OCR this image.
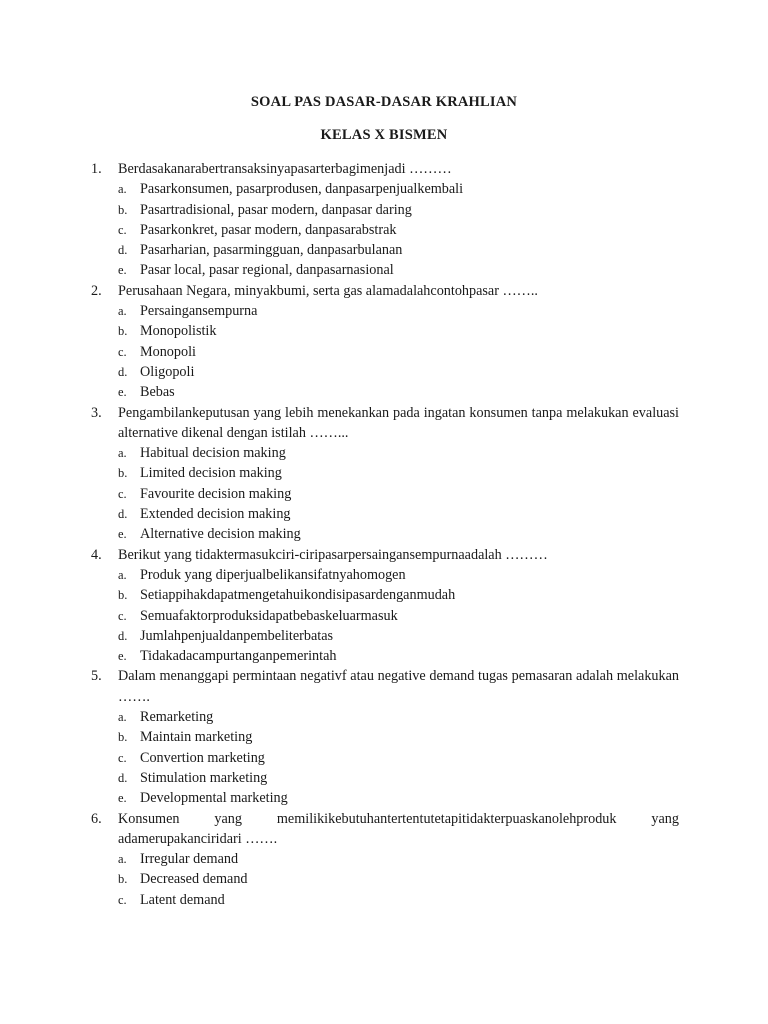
SOAL PAS DASAR-DASAR KRAHLIAN
KELAS X BISMEN
1. Berdasakanarabertransaksinyapasarterbagimenjadi ………
a. Pasarkonsumen, pasarprodusen, danpasarpenjualkembali
b. Pasartradisional, pasar modern, danpasar daring
c. Pasarkonkret, pasar modern, danpasarabstrak
d. Pasarharian, pasarmingguan, danpasarbulanan
e. Pasar local, pasar regional, danpasarnasional
2. Perusahaan Negara, minyakbumi, serta gas alamadalahcontohpasar ……..
a. Persaingansempurna
b. Monopolistik
c. Monopoli
d. Oligopoli
e. Bebas
3. Pengambilankeputusan yang lebih menekankan pada ingatan konsumen tanpa melakukan evaluasi alternative dikenal dengan istilah ……...
a. Habitual decision making
b. Limited decision making
c. Favourite decision making
d. Extended decision making
e. Alternative decision making
4. Berikut yang tidaktermasukciri-ciripasarpersaingansempurnaadalah ………
a. Produk yang diperjualbelikansifatnyahomogen
b. Setiappihakdapatmengetahuikondisipasardenganmudah
c. Semuafaktorproduksidapatbebaskeluarmasuk
d. Jumlahpenjualdanpembeliterbatas
e. Tidakadacampurtanganpemerintah
5. Dalam menanggapi permintaan negativf atau negative demand tugas pemasaran adalah melakukan …….
a. Remarketing
b. Maintain marketing
c. Convertion marketing
d. Stimulation marketing
e. Developmental marketing
6. Konsumen yang memilikikebutuhantertentutetapitidakterpuaskanolehproduk yang
adamerupakanciridari …….
a. Irregular demand
b. Decreased demand
c. Latent demand
